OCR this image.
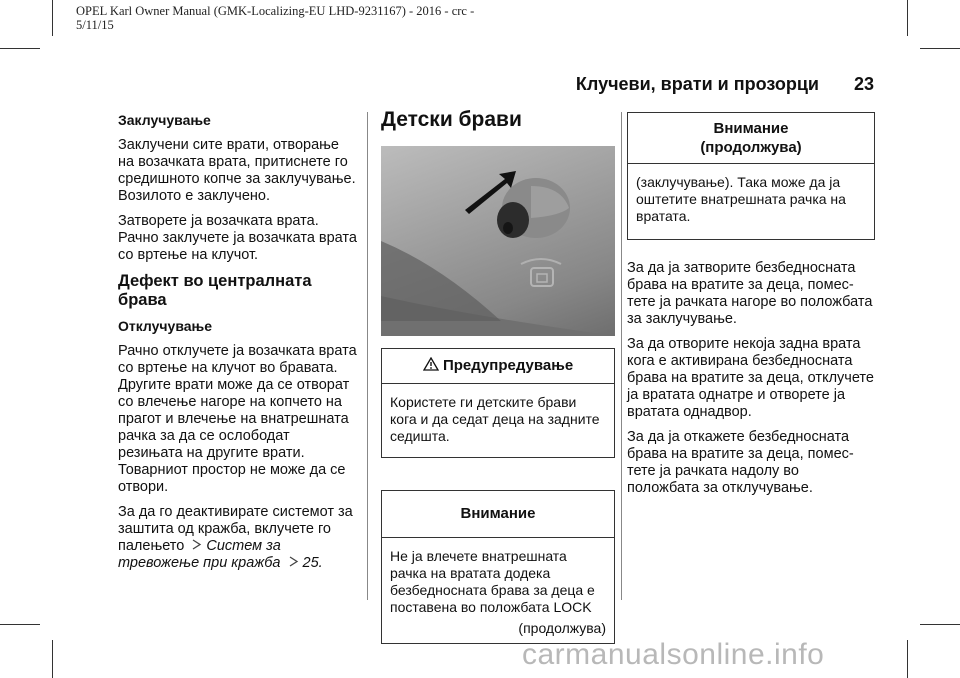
OPEL Karl Owner Manual (GMK-Localizing-EU LHD-9231167) - 2016 - crc -
5/11/15
Клучеви, врати и прозорци 23
Заклучување

Заклучени сите врати, отворање на возачката врата, притиснете го средишното копче за заклучување. Возилото е заклучено.

Затворете ја возачката врата. Рачно заклучете ја возачката врата со вртење на клучот.

Дефект во централната брава
Отклучување

Рачно отклучете ја возачката врата со вртење на клучот во бравата. Другите врати може да се отворат со влечење нагоре на копчето на прагот и влечење на внатрешната рачка за да се ослободат резињата на другите врати. Товарниот простор не може да се отвори.

За да го деактивирате системот за заштита од кражба, вклучете го палењето Систем за тревожење при кражба 25.

Детски брави
Предупредување
Користете ги детските брави кога и да седат деца на задните седишта.
Внимание
Не ја влечете внатрешната рачка на вратата додека безбедносната брава за деца е поставена во положбата LOCK
(продолжува)
Внимание
(продолжува)
(заклучување). Така може да ја оштетите внатрешната рачка на вратата.

За да ја затворите безбедносната брава на вратите за деца, помес-тете ја рачката нагоре во положбата за заклучување.

За да отворите некоја задна врата кога е активирана безбедносната брава на вратите за деца, отклучете ја вратата однатре и отворете ја вратата однадвор.

За да ја откажете безбедносната брава на вратите за деца, помес-тете ја рачката надолу во положбата за отклучување.

carmanualsonline.info
